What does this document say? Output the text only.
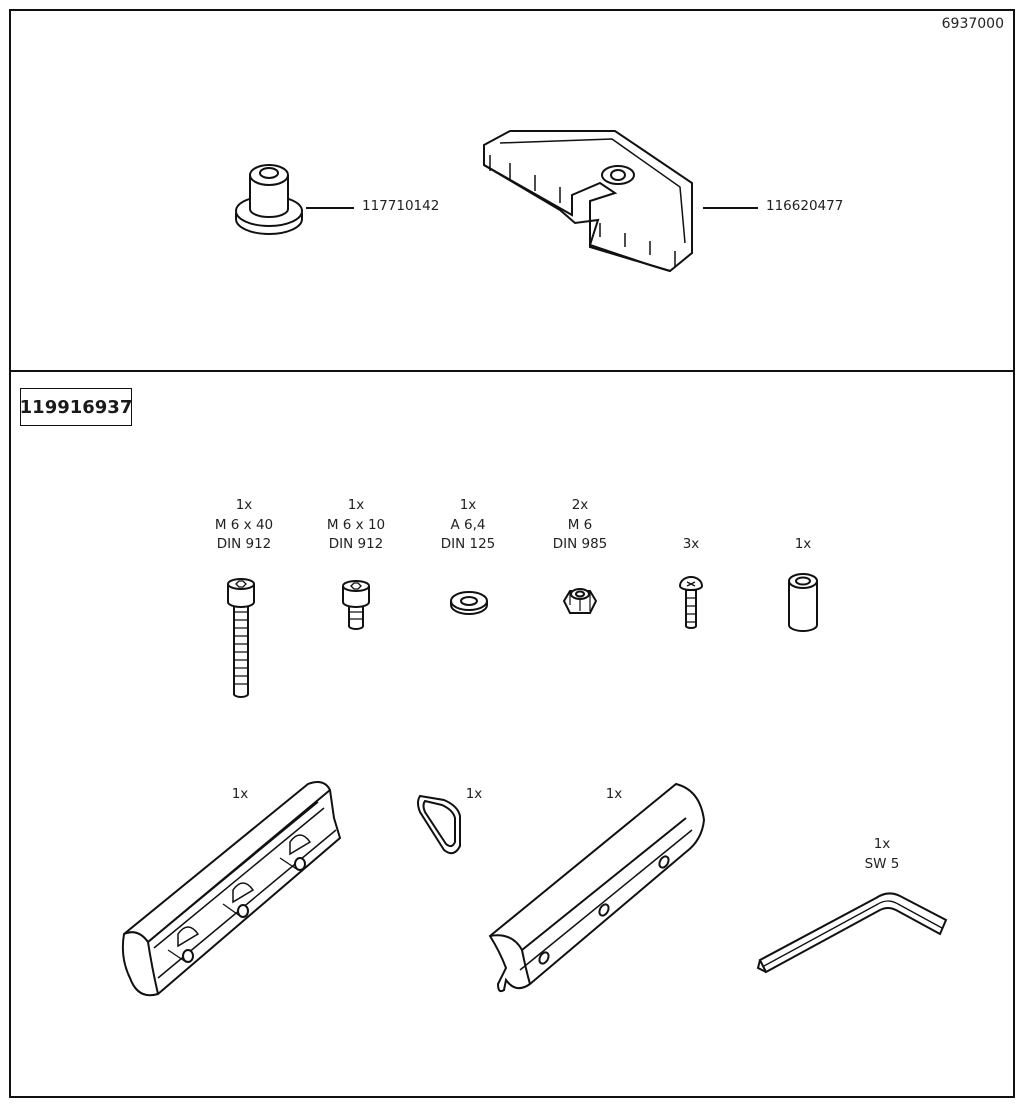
6937000
117710142	116620477
119916937
1x
M 6 x 40
DIN 912
1x
M 6 x 10
DIN 912
1x
A 6,4
DIN 125
2x
M 6
DIN 985	3x	1x
1x	1x	1x
1x
SW 5
